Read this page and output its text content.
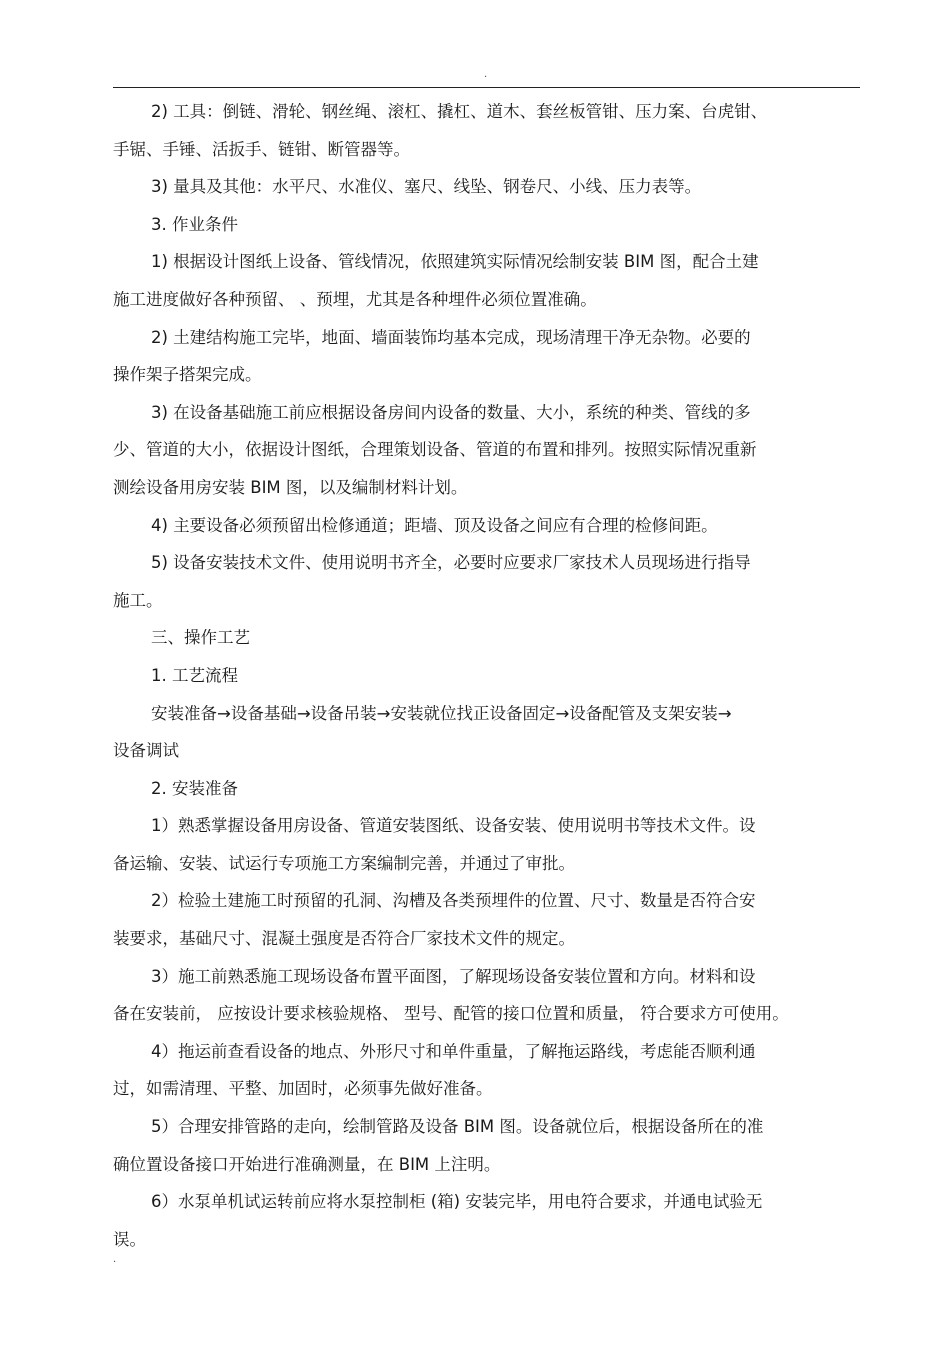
.
2) 工具：倒链、滑轮、钢丝绳、滚杠、撬杠、道木、套丝板管钳、压力案、台虎钳、
手锯、手锤、活扳手、链钳、断管器等。
3) 量具及其他：水平尺、水准仪、塞尺、线坠、钢卷尺、小线、压力表等。
3. 作业条件
1) 根据设计图纸上设备、管线情况，依照建筑实际情况绘制安装 BIM 图，配合土建
施工进度做好各种预留、 、预埋，尤其是各种埋件必须位置准确。
2) 土建结构施工完毕，地面、墙面装饰均基本完成，现场清理干净无杂物。必要的
操作架子搭架完成。
3) 在设备基础施工前应根据设备房间内设备的数量、大小，系统的种类、管线的多
少、管道的大小，依据设计图纸，合理策划设备、管道的布置和排列。按照实际情况重新
测绘设备用房安装 BIM 图，以及编制材料计划。
4) 主要设备必须预留出检修通道；距墙、顶及设备之间应有合理的检修间距。
5) 设备安装技术文件、使用说明书齐全，必要时应要求厂家技术人员现场进行指导
施工。
三、操作工艺
1. 工艺流程
安装准备→设备基础→设备吊装→安装就位找正设备固定→设备配管及支架安装→
设备调试
2. 安装准备
1）熟悉掌握设备用房设备、管道安装图纸、设备安装、使用说明书等技术文件。设
备运输、安装、试运行专项施工方案编制完善，并通过了审批。
2）检验土建施工时预留的孔洞、沟槽及各类预埋件的位置、尺寸、数量是否符合安
装要求，基础尺寸、混凝土强度是否符合厂家技术文件的规定。
3）施工前熟悉施工现场设备布置平面图，了解现场设备安装位置和方向。材料和设
备在安装前， 应按设计要求核验规格、 型号、配管的接口位置和质量， 符合要求方可使用。
4）拖运前查看设备的地点、外形尺寸和单件重量，了解拖运路线，考虑能否顺利通
过，如需清理、平整、加固时，必须事先做好准备。
5）合理安排管路的走向，绘制管路及设备 BIM 图。设备就位后，根据设备所在的准
确位置设备接口开始进行准确测量，在 BIM 上注明。
6）水泵单机试运转前应将水泵控制柜 (箱) 安装完毕，用电符合要求，并通电试验无
误。
.
